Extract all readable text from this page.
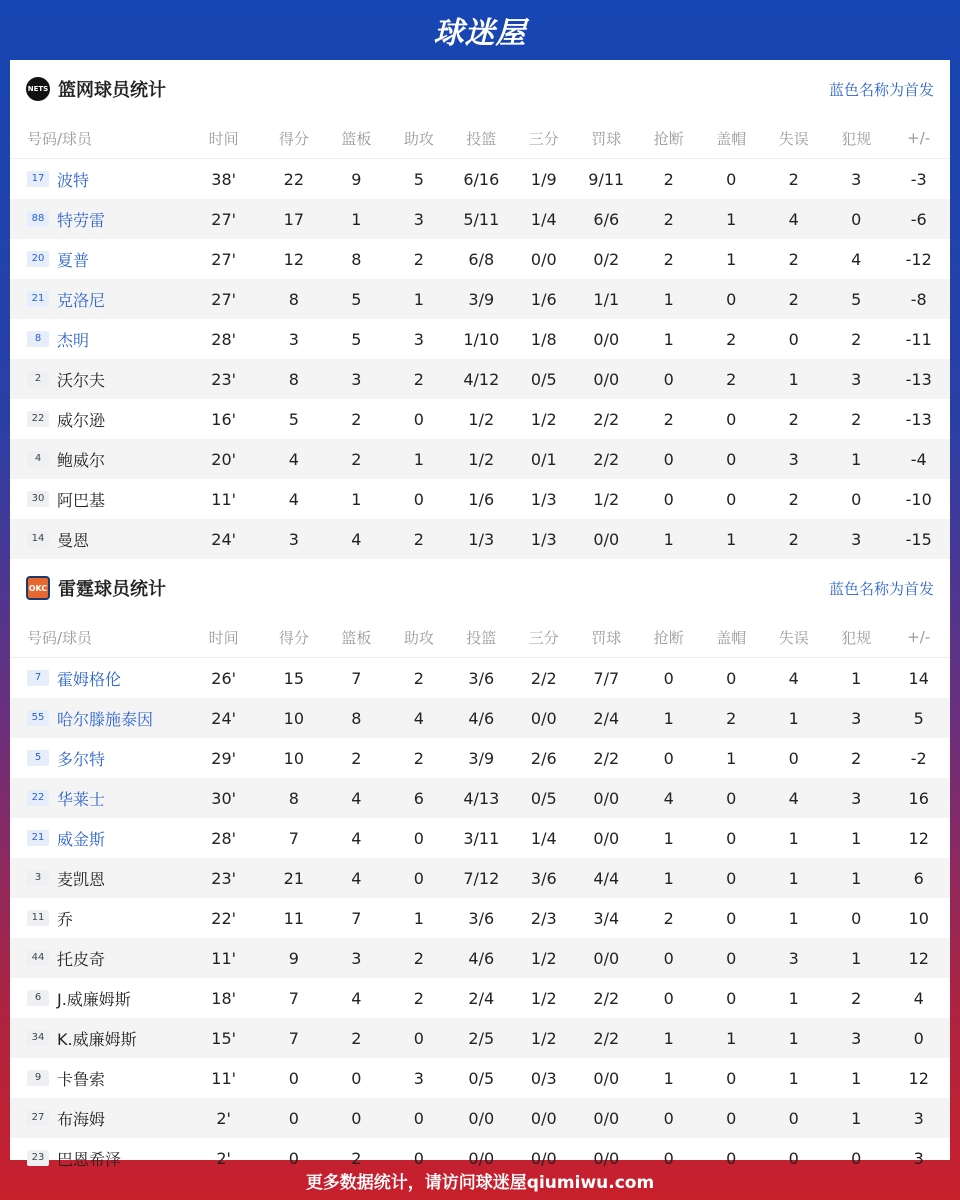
球迷屋
NETS 篮网球员统计	蓝色名称为首发
号码/球员	时间	得分	篮板	助攻	投篮	三分	罚球	抢断	盖帽	失误	犯规	+/-
17 波特	38'	22	9	5	6/16	1/9	9/11	2	0	2	3	-3
88 特劳雷	27'	17	1	3	5/11	1/4	6/6	2	1	4	0	-6
20 夏普	27'	12	8	2	6/8	0/0	0/2	2	1	2	4	-12
21 克洛尼	27'	8	5	1	3/9	1/6	1/1	1	0	2	5	-8
8 杰明	28'	3	5	3	1/10	1/8	0/0	1	2	0	2	-11
2 沃尔夫	23'	8	3	2	4/12	0/5	0/0	0	2	1	3	-13
22 威尔逊	16'	5	2	0	1/2	1/2	2/2	2	0	2	2	-13
4 鲍威尔	20'	4	2	1	1/2	0/1	2/2	0	0	3	1	-4
30 阿巴基	11'	4	1	0	1/6	1/3	1/2	0	0	2	0	-10
14 曼恩	24'	3	4	2	1/3	1/3	0/0	1	1	2	3	-15
OKC 雷霆球员统计	蓝色名称为首发
号码/球员	时间	得分	篮板	助攻	投篮	三分	罚球	抢断	盖帽	失误	犯规	+/-
7 霍姆格伦	26'	15	7	2	3/6	2/2	7/7	0	0	4	1	14
55 哈尔滕施泰因	24'	10	8	4	4/6	0/0	2/4	1	2	1	3	5
5 多尔特	29'	10	2	2	3/9	2/6	2/2	0	1	0	2	-2
22 华莱士	30'	8	4	6	4/13	0/5	0/0	4	0	4	3	16
21 威金斯	28'	7	4	0	3/11	1/4	0/0	1	0	1	1	12
3 麦凯恩	23'	21	4	0	7/12	3/6	4/4	1	0	1	1	6
11 乔	22'	11	7	1	3/6	2/3	3/4	2	0	1	0	10
44 托皮奇	11'	9	3	2	4/6	1/2	0/0	0	0	3	1	12
6 J.威廉姆斯	18'	7	4	2	2/4	1/2	2/2	0	0	1	2	4
34 K.威廉姆斯	15'	7	2	0	2/5	1/2	2/2	1	1	1	3	0
9 卡鲁索	11'	0	0	3	0/5	0/3	0/0	1	0	1	1	12
27 布海姆	2'	0	0	0	0/0	0/0	0/0	0	0	0	1	3
23 巴恩希泽	2'	0	2	0	0/0	0/0	0/0	0	0	0	0	3
更多数据统计，请访问球迷屋qiumiwu.com
